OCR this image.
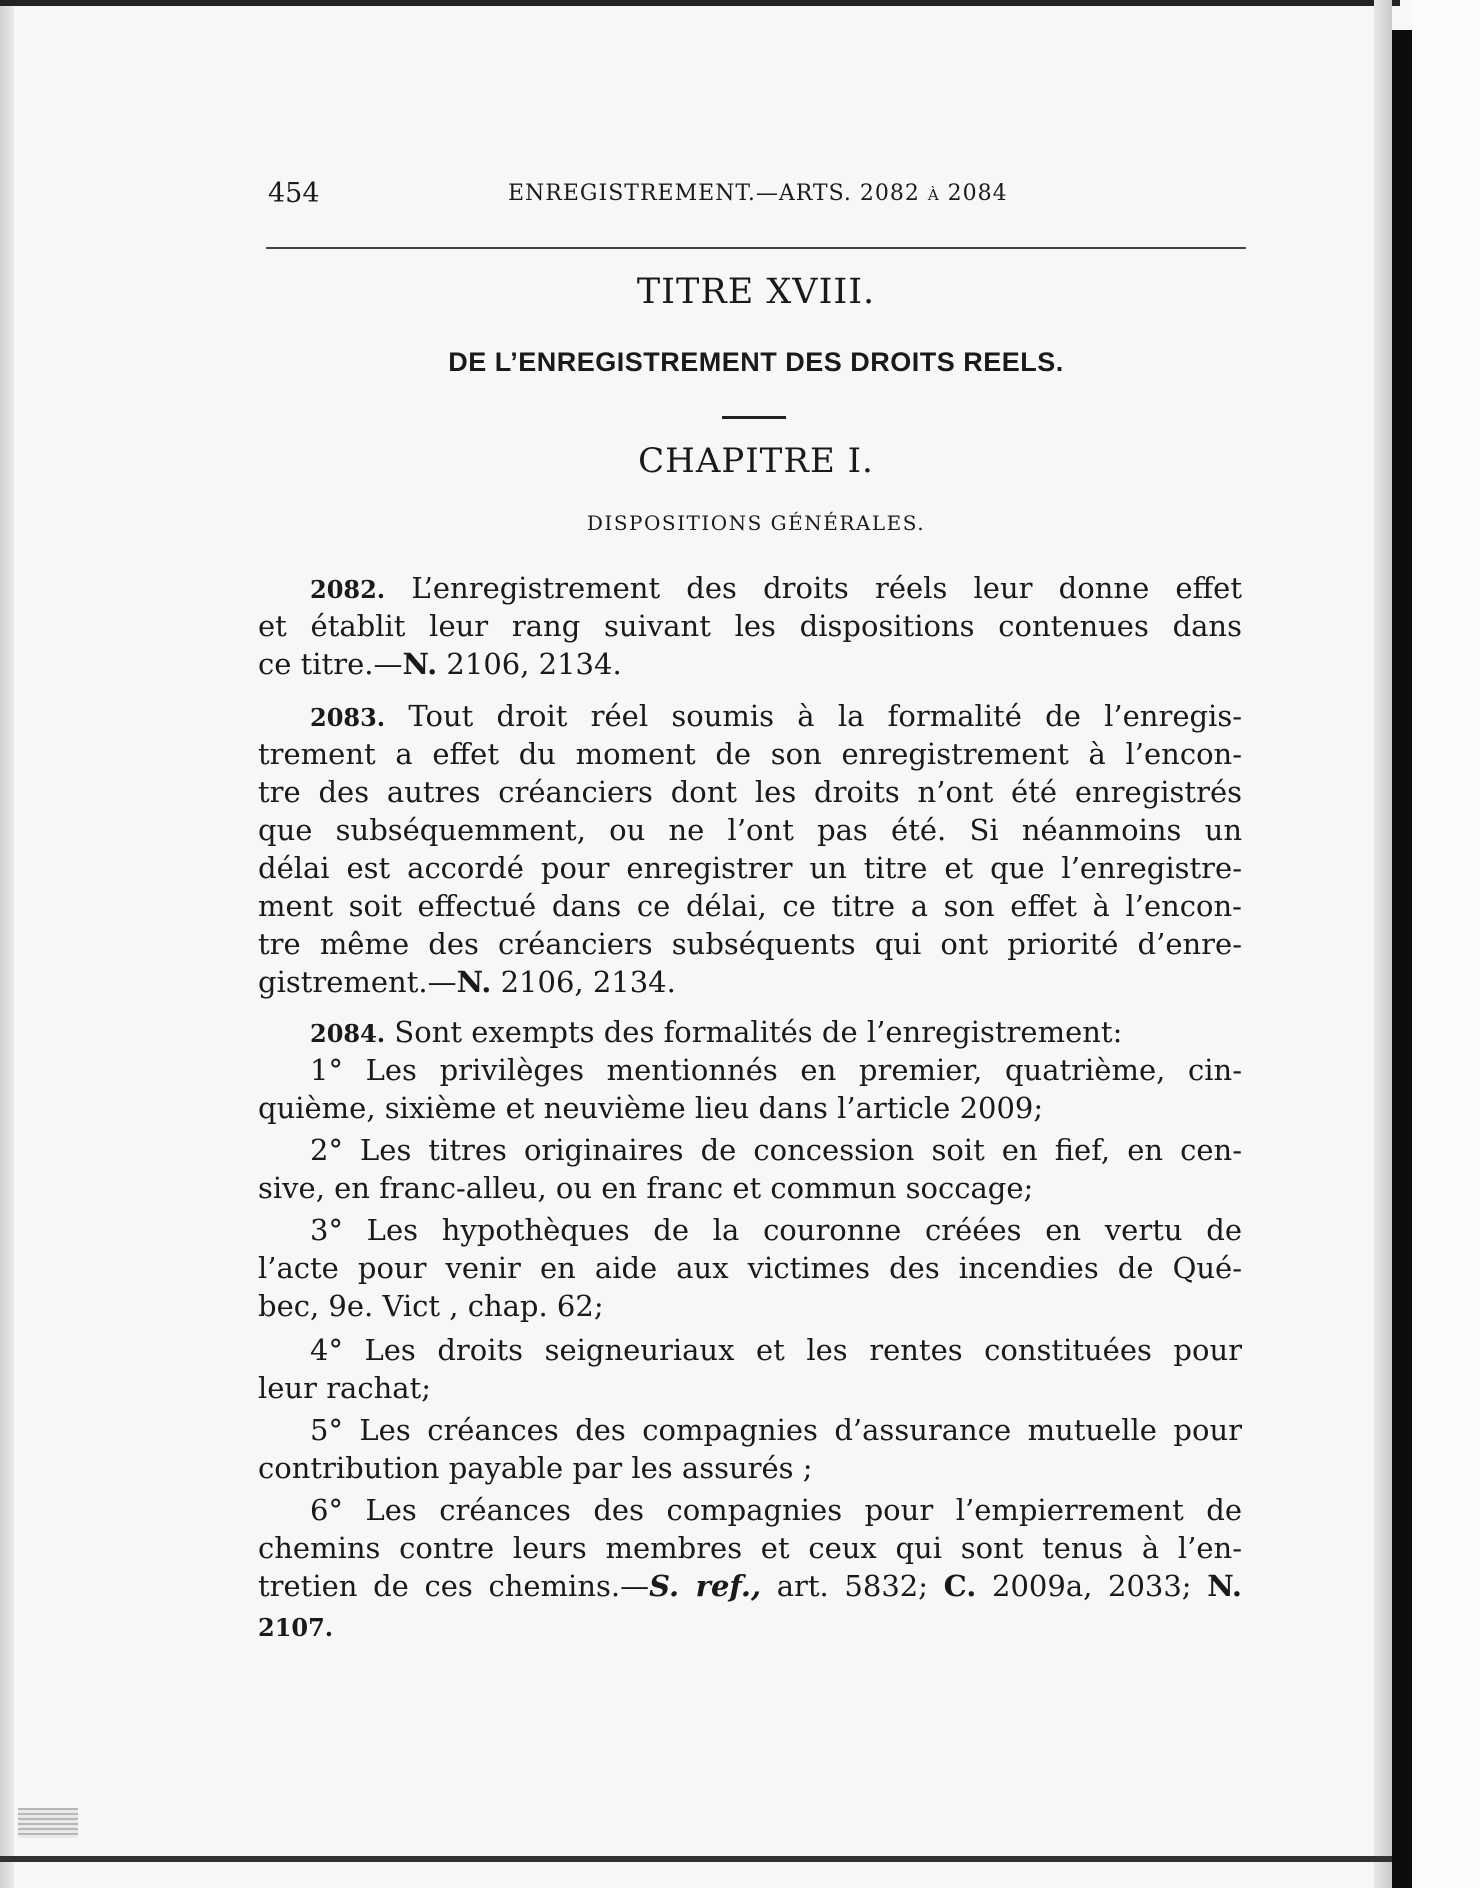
454	ENREGISTREMENT.—ARTS. 2082 à 2084
TITRE XVIII.
DE L’ENREGISTREMENT DES DROITS REELS.
CHAPITRE I.
DISPOSITIONS GÉNÉRALES.
2082. L’enregistrement des droits réels leur donne effet
et établit leur rang suivant les dispositions contenues dans
ce titre.—N. 2106, 2134.
2083. Tout droit réel soumis à la formalité de l’enregis-
trement a effet du moment de son enregistrement à l’encon-
tre des autres créanciers dont les droits n’ont été enregistrés
que subséquemment, ou ne l’ont pas été. Si néanmoins un
délai est accordé pour enregistrer un titre et que l’enregistre-
ment soit effectué dans ce délai, ce titre a son effet à l’encon-
tre même des créanciers subséquents qui ont priorité d’enre-
gistrement.—N. 2106, 2134.
2084. Sont exempts des formalités de l’enregistrement:
1° Les privilèges mentionnés en premier, quatrième, cin-
quième, sixième et neuvième lieu dans l’article 2009;
2° Les titres originaires de concession soit en fief, en cen-
sive, en franc-alleu, ou en franc et commun soccage;
3° Les hypothèques de la couronne créées en vertu de
l’acte pour venir en aide aux victimes des incendies de Qué-
bec, 9e. Vict , chap. 62;
4° Les droits seigneuriaux et les rentes constituées pour
leur rachat;
5° Les créances des compagnies d’assurance mutuelle pour
contribution payable par les assurés ;
6° Les créances des compagnies pour l’empierrement de
chemins contre leurs membres et ceux qui sont tenus à l’en-
tretien de ces chemins.—S. ref., art. 5832; C. 2009a, 2033; N.
2107.
